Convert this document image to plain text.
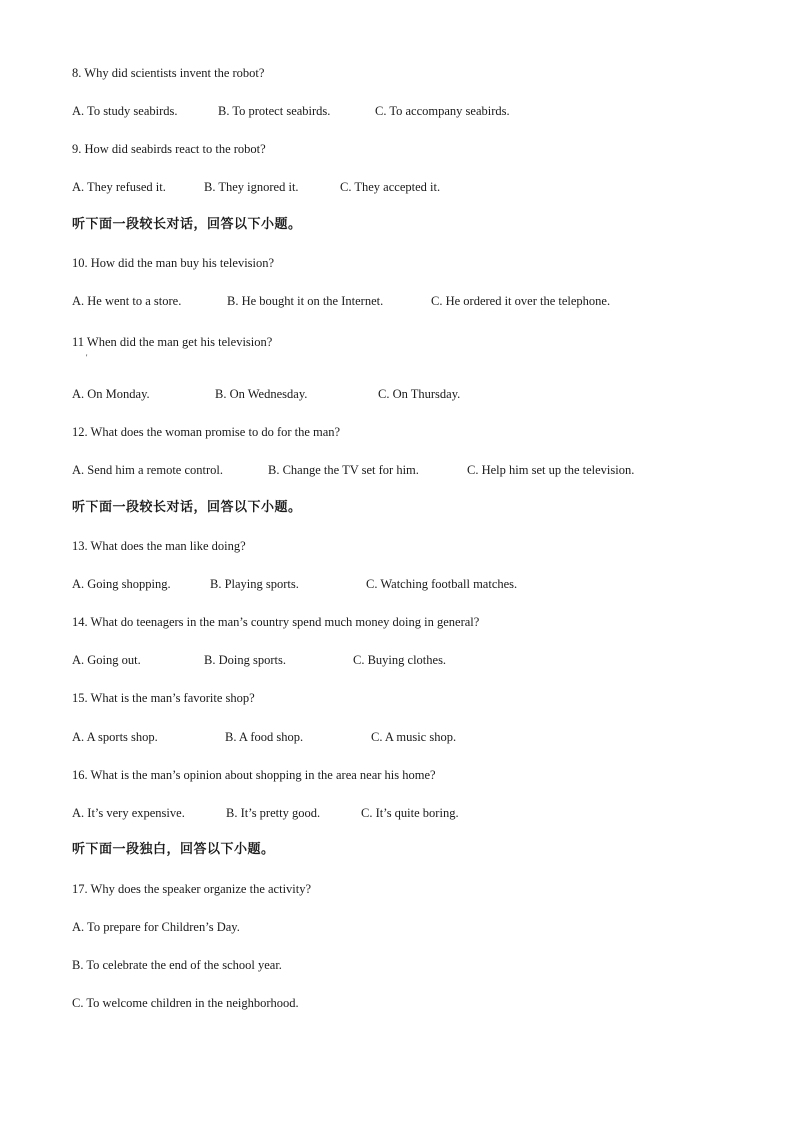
8. Why did scientists invent the robot?
A. To study seabirds.	B. To protect seabirds.	C. To accompany seabirds.
9. How did seabirds react to the robot?
A. They refused it.	B. They ignored it.	C. They accepted it.
听下面一段较长对话，回答以下小题。
10. How did the man buy his television?
A. He went to a store.	B. He bought it on the Internet.	C. He ordered it over the telephone.
11 When did the man get his television?
'
A. On Monday.	B. On Wednesday.	C. On Thursday.
12. What does the woman promise to do for the man?
A. Send him a remote control.	B. Change the TV set for him.	C. Help him set up the television.
听下面一段较长对话，回答以下小题。
13. What does the man like doing?
A. Going shopping.	B. Playing sports.	C. Watching football matches.
14. What do teenagers in the man’s country spend much money doing in general?
A. Going out.	B. Doing sports.	C. Buying clothes.
15. What is the man’s favorite shop?
A. A sports shop.	B. A food shop.	C. A music shop.
16. What is the man’s opinion about shopping in the area near his home?
A. It’s very expensive.	B. It’s pretty good.	C. It’s quite boring.
听下面一段独白，回答以下小题。
17. Why does the speaker organize the activity?
A. To prepare for Children’s Day.
B. To celebrate the end of the school year.
C. To welcome children in the neighborhood.
